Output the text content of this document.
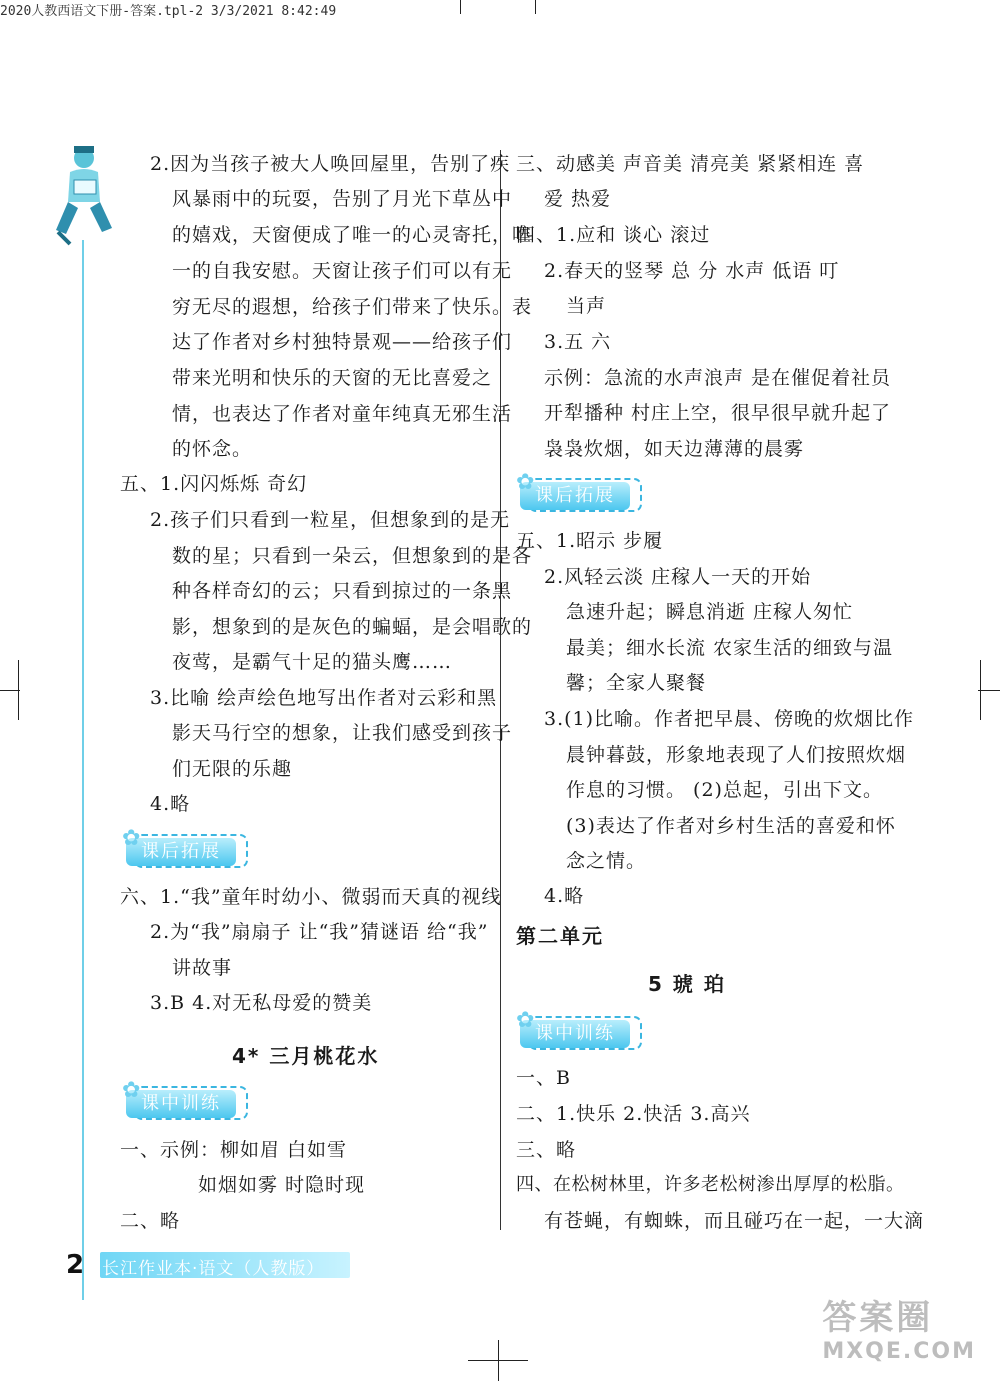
2020人教西语文下册-答案.tpl-2 3/3/2021 8:42:49
2.因为当孩子被大人唤回屋里，告别了疾
风暴雨中的玩耍，告别了月光下草丛中
的嬉戏，天窗便成了唯一的心灵寄托，唯
一的自我安慰。天窗让孩子们可以有无
穷无尽的遐想，给孩子们带来了快乐。表
达了作者对乡村独特景观——给孩子们
带来光明和快乐的天窗的无比喜爱之
情，也表达了作者对童年纯真无邪生活
的怀念。
五、1.闪闪烁烁 奇幻
2.孩子们只看到一粒星，但想象到的是无
数的星；只看到一朵云，但想象到的是各
种各样奇幻的云；只看到掠过的一条黑
影，想象到的是灰色的蝙蝠，是会唱歌的
夜莺，是霸气十足的猫头鹰……
3.比喻 绘声绘色地写出作者对云彩和黑
影天马行空的想象，让我们感受到孩子
们无限的乐趣
4.略
课后拓展
✿
六、1.“我”童年时幼小、微弱而天真的视线
2.为“我”扇扇子 让“我”猜谜语 给“我”
讲故事
3.B 4.对无私母爱的赞美
4* 三月桃花水
课中训练
✿
一、示例：柳如眉 白如雪
如烟如雾 时隐时现
二、略
三、动感美 声音美 清亮美 紧紧相连 喜
爱 热爱
四、1.应和 谈心 滚过
2.春天的竖琴 总 分 水声 低语 叮
当声
3.五 六
示例：急流的水声浪声 是在催促着社员
开犁播种 村庄上空，很早很早就升起了
袅袅炊烟，如天边薄薄的晨雾
课后拓展
✿
五、1.昭示 步履
2.风轻云淡 庄稼人一天的开始
急速升起；瞬息消逝 庄稼人匆忙
最美；细水长流 农家生活的细致与温
馨；全家人聚餐
3.(1)比喻。作者把早晨、傍晚的炊烟比作
晨钟暮鼓，形象地表现了人们按照炊烟
作息的习惯。 (2)总起，引出下文。
(3)表达了作者对乡村生活的喜爱和怀
念之情。
4.略
第二单元
5 琥 珀
课中训练
✿
一、B
二、1.快乐 2.快活 3.高兴
三、略
四、在松树林里，许多老松树渗出厚厚的松脂。
有苍蝇，有蜘蛛，而且碰巧在一起，一大滴
2 长江作业本·语文（人教版）
答案圈
MXQE.COM
